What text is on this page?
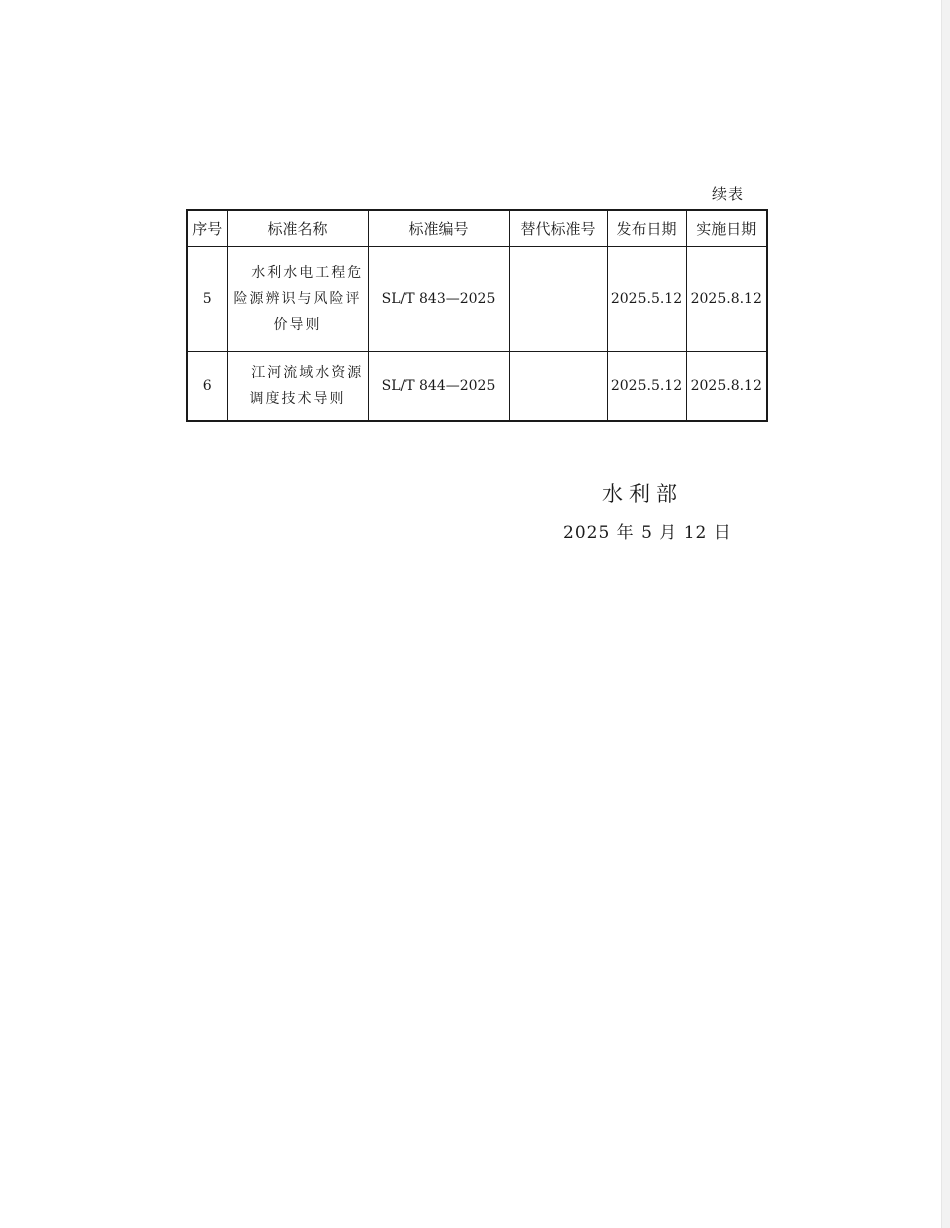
续表
序号	标准名称	标准编号	替代标准号	发布日期	实施日期
5	水利水电工程危险源辨识与风险评价导则	SL/T 843—2025		2025.5.12	2025.8.12
6	江河流域水资源调度技术导则	SL/T 844—2025		2025.5.12	2025.8.12
水利部
2025 年 5 月 12 日
